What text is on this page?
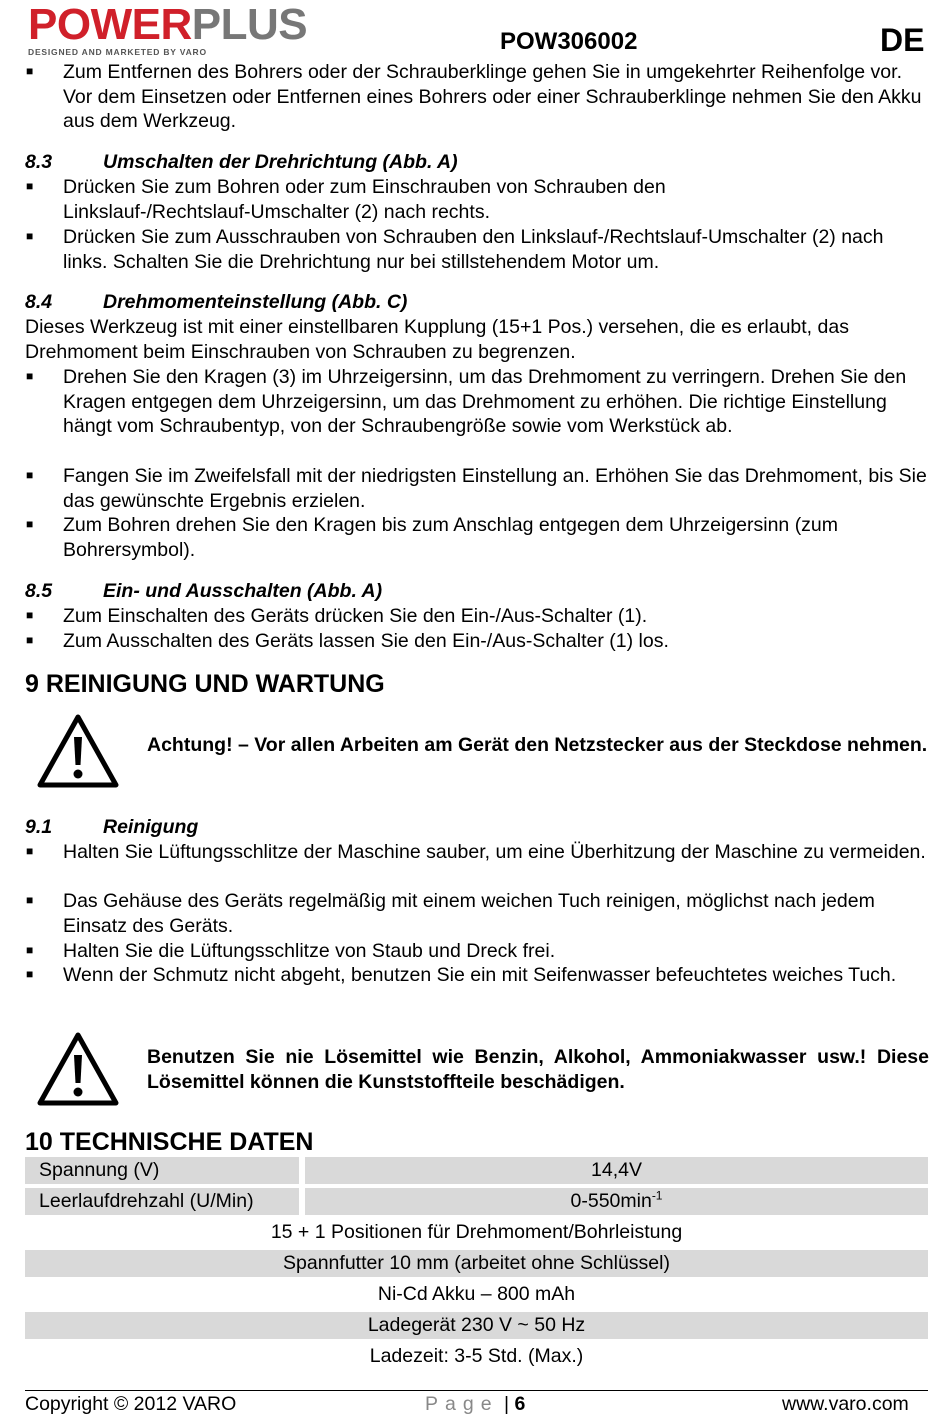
POWERPLUS
DESIGNED AND MARKETED BY VARO	POW306002	DE
■ Zum Entfernen des Bohrers oder der Schrauberklinge gehen Sie in umgekehrter Reihenfolge vor. Vor dem Einsetzen oder Entfernen eines Bohrers oder einer Schrauberklinge nehmen Sie den Akku aus dem Werkzeug.
8.3	Umschalten der Drehrichtung (Abb. A)
■ Drücken Sie zum Bohren oder zum Einschrauben von Schrauben den Linkslauf-/Rechtslauf-Umschalter (2) nach rechts.
■ Drücken Sie zum Ausschrauben von Schrauben den Linkslauf-/Rechtslauf-Umschalter (2) nach links. Schalten Sie die Drehrichtung nur bei stillstehendem Motor um.
8.4	Drehmomenteinstellung (Abb. C)
Dieses Werkzeug ist mit einer einstellbaren Kupplung (15+1 Pos.) versehen, die es erlaubt, das Drehmoment beim Einschrauben von Schrauben zu begrenzen.
■ Drehen Sie den Kragen (3) im Uhrzeigersinn, um das Drehmoment zu verringern. Drehen Sie den Kragen entgegen dem Uhrzeigersinn, um das Drehmoment zu erhöhen. Die richtige Einstellung hängt vom Schraubentyp, von der Schraubengröße sowie vom Werkstück ab.
■ Fangen Sie im Zweifelsfall mit der niedrigsten Einstellung an. Erhöhen Sie das Drehmoment, bis Sie das gewünschte Ergebnis erzielen.
■ Zum Bohren drehen Sie den Kragen bis zum Anschlag entgegen dem Uhrzeigersinn (zum Bohrersymbol).
8.5	Ein- und Ausschalten (Abb. A)
■ Zum Einschalten des Geräts drücken Sie den Ein-/Aus-Schalter (1).
■ Zum Ausschalten des Geräts lassen Sie den Ein-/Aus-Schalter (1) los.
9 REINIGUNG UND WARTUNG
Achtung! – Vor allen Arbeiten am Gerät den Netzstecker aus der Steckdose nehmen.
9.1	Reinigung
■ Halten Sie Lüftungsschlitze der Maschine sauber, um eine Überhitzung der Maschine zu vermeiden.
■ Das Gehäuse des Geräts regelmäßig mit einem weichen Tuch reinigen, möglichst nach jedem Einsatz des Geräts.
■ Halten Sie die Lüftungsschlitze von Staub und Dreck frei.
■ Wenn der Schmutz nicht abgeht, benutzen Sie ein mit Seifenwasser befeuchtetes weiches Tuch.
Benutzen Sie nie Lösemittel wie Benzin, Alkohol, Ammoniakwasser usw.! Diese Lösemittel können die Kunststoffteile beschädigen.
10 TECHNISCHE DATEN
Spannung (V)	14,4V
Leerlaufdrehzahl (U/Min)	$0-550\min^{-1}$
15 + 1 Positionen für Drehmoment/Bohrleistung
Spannfutter 10 mm (arbeitet ohne Schlüssel)
Ni-Cd Akku – 800 mAh
Ladegerät 230 V ~ 50 Hz
Ladezeit: 3-5 Std. (Max.)
Copyright © 2012 VARO	Page | 6	www.varo.com
